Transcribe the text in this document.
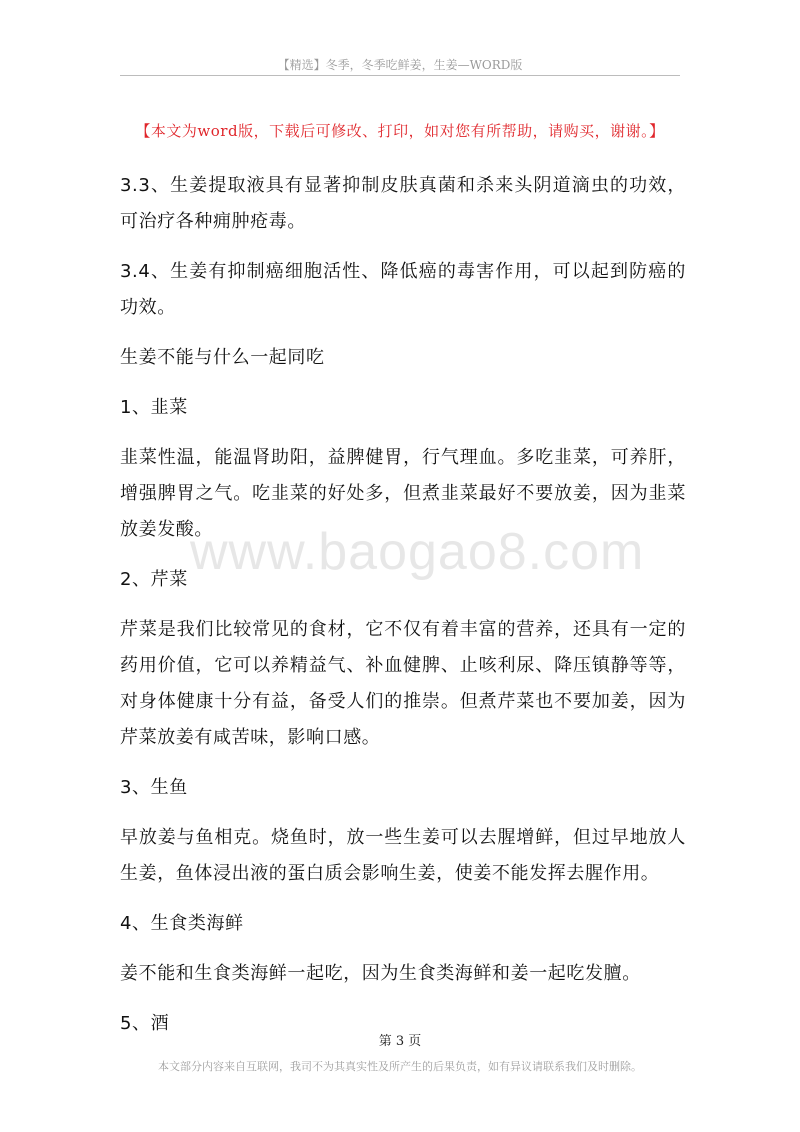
【精选】冬季，冬季吃鲜姜，生姜—WORD版
【本文为word版，下载后可修改、打印，如对您有所帮助，请购买，谢谢。】

3.3、生姜提取液具有显著抑制皮肤真菌和杀来头阴道滴虫的功效，可治疗各种痈肿疮毒。

3.4、生姜有抑制癌细胞活性、降低癌的毒害作用，可以起到防癌的功效。

生姜不能与什么一起同吃

1、韭菜

韭菜性温，能温肾助阳，益脾健胃，行气理血。多吃韭菜，可养肝，增强脾胃之气。吃韭菜的好处多，但煮韭菜最好不要放姜，因为韭菜放姜发酸。

2、芹菜

芹菜是我们比较常见的食材，它不仅有着丰富的营养，还具有一定的药用价值，它可以养精益气、补血健脾、止咳利尿、降压镇静等等，对身体健康十分有益，备受人们的推崇。但煮芹菜也不要加姜，因为芹菜放姜有咸苦味，影响口感。

3、生鱼

早放姜与鱼相克。烧鱼时，放一些生姜可以去腥增鲜，但过早地放人生姜，鱼体浸出液的蛋白质会影响生姜，使姜不能发挥去腥作用。

4、生食类海鲜

姜不能和生食类海鲜一起吃，因为生食类海鲜和姜一起吃发膻。

5、酒

www.baogao8.com
第 3 页
本文部分内容来自互联网，我司不为其真实性及所产生的后果负责，如有异议请联系我们及时删除。
